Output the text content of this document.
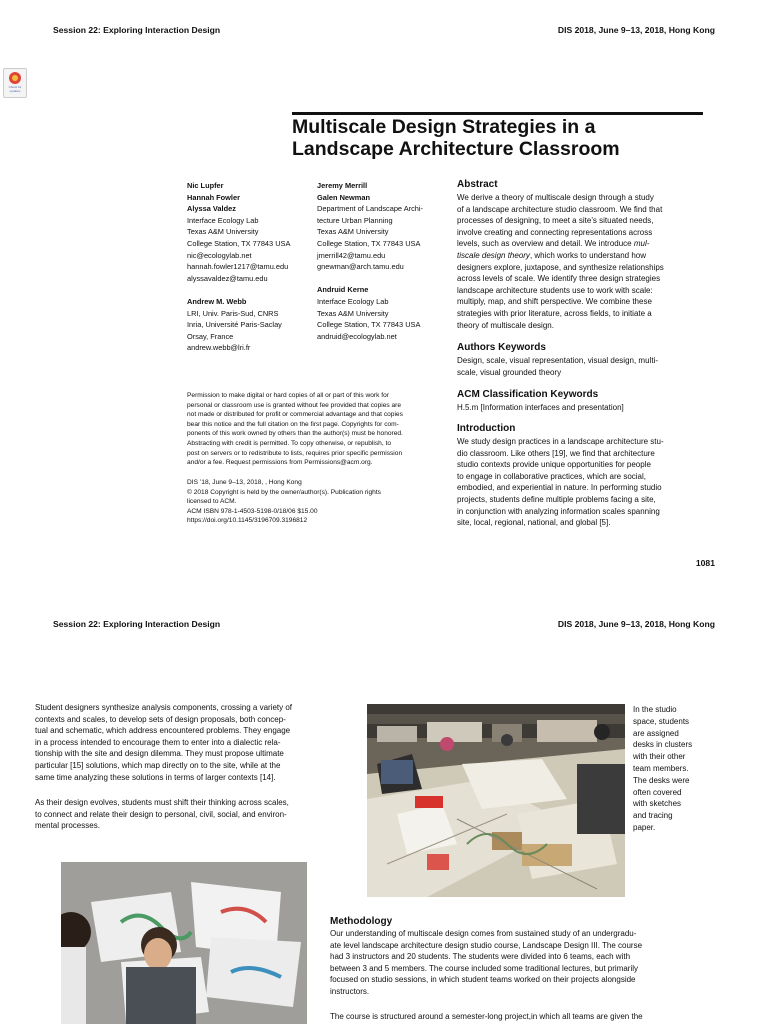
Session 22: Exploring Interaction Design	DIS 2018, June 9–13, 2018, Hong Kong
Check for updates
Multiscale Design Strategies in a
Landscape Architecture Classroom
Nic Lupfer
Hannah Fowler
Alyssa Valdez
Interface Ecology Lab
Texas A&M University
College Station, TX 77843 USA
nic@ecologylab.net
hannah.fowler1217@tamu.edu
alyssavaldez@tamu.edu
Andrew M. Webb
LRI, Univ. Paris-Sud, CNRS
Inria, Université Paris-Saclay
Orsay, France
andrew.webb@lri.fr
Jeremy Merrill
Galen Newman
Department of Landscape Archi-
tecture Urban Planning
Texas A&M University
College Station, TX 77843 USA
jmerrill42@tamu.edu
gnewman@arch.tamu.edu
Andruid Kerne
Interface Ecology Lab
Texas A&M University
College Station, TX 77843 USA
andruid@ecologylab.net
Abstract
We derive a theory of multiscale design through a study
of a landscape architecture studio classroom. We find that
processes of designing, to meet a site’s situated needs,
involve creating and connecting representations across
levels, such as overview and detail. We introduce mul-
tiscale design theory, which works to understand how
designers explore, juxtapose, and synthesize relationships
across levels of scale. We identify three design strategies
landscape architecture students use to work with scale:
multiply, map, and shift perspective. We combine these
strategies with prior literature, across fields, to initiate a
theory of multiscale design.
Authors Keywords
Design, scale, visual representation, visual design, multi-
scale, visual grounded theory
ACM Classification Keywords
H.5.m [Information interfaces and presentation]
Introduction
We study design practices in a landscape architecture stu-
dio classroom. Like others [19], we find that architecture
studio contexts provide unique opportunities for people
to engage in collaborative practices, which are social,
embodied, and experiential in nature. In performing studio
projects, students define multiple problems facing a site,
in conjunction with analyzing information scales spanning
site, local, regional, national, and global [5].
Permission to make digital or hard copies of all or part of this work for
personal or classroom use is granted without fee provided that copies are
not made or distributed for profit or commercial advantage and that copies
bear this notice and the full citation on the first page. Copyrights for com-
ponents of this work owned by others than the author(s) must be honored.
Abstracting with credit is permitted. To copy otherwise, or republish, to
post on servers or to redistribute to lists, requires prior specific permission
and/or a fee. Request permissions from Permissions@acm.org.
DIS ’18, June 9–13, 2018, , Hong Kong
© 2018 Copyright is held by the owner/author(s). Publication rights
licensed to ACM.
ACM ISBN 978-1-4503-5198-0/18/06 $15.00
https://doi.org/10.1145/3196709.3196812
1081
Session 22: Exploring Interaction Design	DIS 2018, June 9–13, 2018, Hong Kong
Student designers synthesize analysis components, crossing a variety of
contexts and scales, to develop sets of design proposals, both concep-
tual and schematic, which address encountered problems. They engage
in a process intended to encourage them to enter into a dialectic rela-
tionship with the site and design dilemma. They must propose ultimate
particular [15] solutions, which map directly on to the site, while at the
same time analyzing these solutions in terms of larger contexts [14].
As their design evolves, students must shift their thinking across scales,
to connect and relate their design to personal, civil, social, and environ-
mental processes.
In the studio
space, students
are assigned
desks in clusters
with their other
team members.
The desks were
often covered
with sketches
and tracing
paper.
Methodology
Our understanding of multiscale design comes from sustained study of an undergradu-
ate level landscape architecture design studio course, Landscape Design III. The course
had 3 instructors and 20 students. The students were divided into 6 teams, each with
between 3 and 5 members. The course included some traditional lectures, but primarily
focused on studio sessions, in which student teams worked on their projects alongside
instructors.
The course is structured around a semester-long project,in which all teams are given the
